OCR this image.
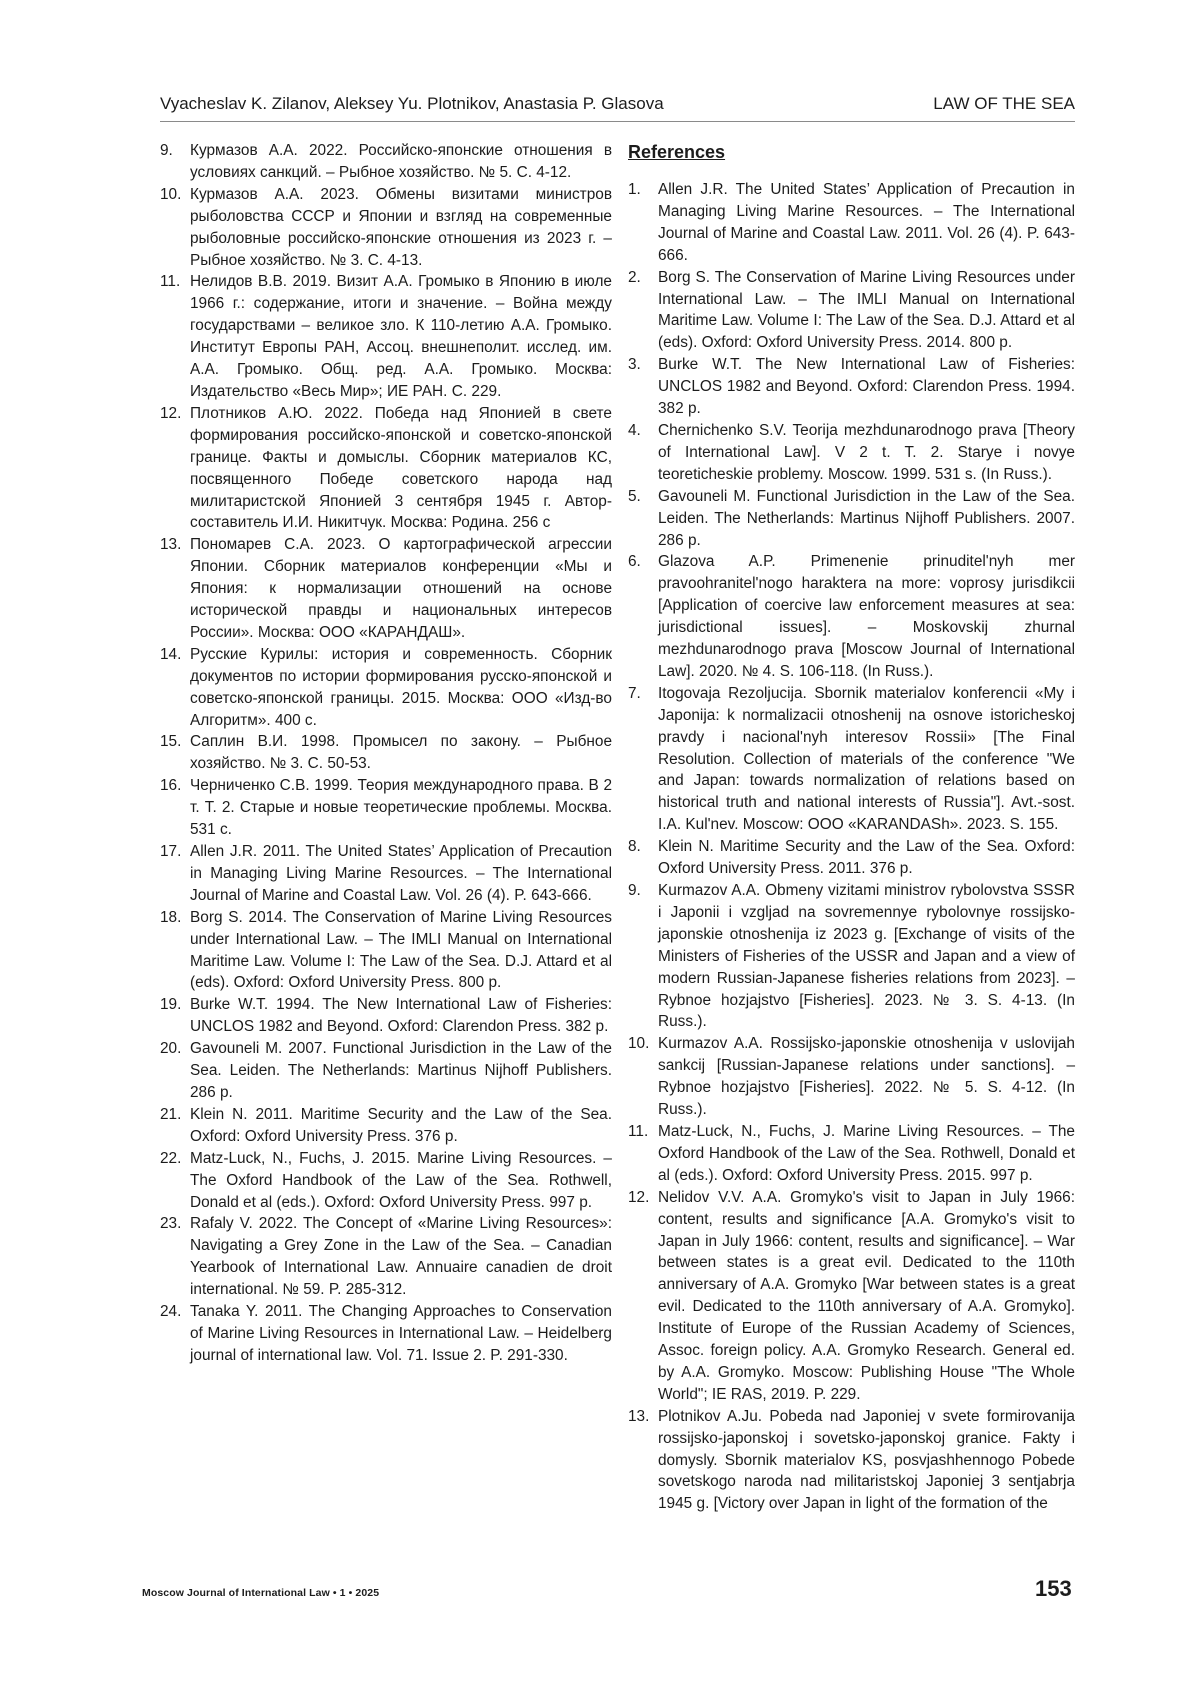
Vyacheslav K. Zilanov, Aleksey Yu. Plotnikov, Anastasia P. Glasova	LAW OF THE SEA
9.	Курмазов А.А. 2022. Российско-японские отношения в условиях санкций. – Рыбное хозяйство. № 5. С. 4-12.
10. Курмазов А.А. 2023. Обмены визитами министров рыболовства СССР и Японии и взгляд на современные рыболовные российско-японские отношения из 2023 г. – Рыбное хозяйство. № 3. С. 4-13.
11. Нелидов В.В. 2019. Визит А.А. Громыко в Японию в июле 1966 г.: содержание, итоги и значение. – Война между государствами – великое зло. К 110-летию А.А. Громыко. Институт Европы РАН, Ассоц. внешнеполит. исслед. им. А.А. Громыко. Общ. ред. А.А. Громыко. Москва: Издательство «Весь Мир»; ИЕ РАН. С. 229.
12. Плотников А.Ю. 2022. Победа над Японией в свете формирования российско-японской и советско-японской границе. Факты и домыслы. Сборник материалов КС, посвященного Победе советского народа над милитаристской Японией 3 сентября 1945 г. Автор-составитель И.И. Никитчук. Москва: Родина. 256 с
13. Пономарев С.А. 2023. О картографической агрессии Японии. Сборник материалов конференции «Мы и Япония: к нормализации отношений на основе исторической правды и национальных интересов России». Москва: ООО «КАРАНДАШ».
14. Русские Курилы: история и современность. Сборник документов по истории формирования русско-японской и советско-японской границы. 2015. Москва: ООО «Изд-во Алгоритм». 400 с.
15. Саплин В.И. 1998. Промысел по закону. – Рыбное хозяйство. № 3. С. 50-53.
16. Черниченко С.В. 1999. Теория международного права. В 2 т. Т. 2. Старые и новые теоретические проблемы. Москва. 531 с.
17. Allen J.R. 2011. The United States’ Application of Precaution in Managing Living Marine Resources. – The International Journal of Marine and Coastal Law. Vol. 26 (4). P. 643-666.
18. Borg S. 2014. The Conservation of Marine Living Resources under International Law. – The IMLI Manual on International Maritime Law. Volume I: The Law of the Sea. D.J. Attard et al (eds). Oxford: Oxford University Press. 800 p.
19. Burke W.T. 1994. The New International Law of Fisheries: UNCLOS 1982 and Beyond. Oxford: Clarendon Press. 382 p.
20. Gavouneli M. 2007. Functional Jurisdiction in the Law of the Sea. Leiden. The Netherlands: Martinus Nijhoff Publishers. 286 p.
21. Klein N. 2011. Maritime Security and the Law of the Sea. Oxford: Oxford University Press. 376 p.
22. Matz-Luck, N., Fuchs, J. 2015. Marine Living Resources. – The Oxford Handbook of the Law of the Sea. Rothwell, Donald et al (eds.). Oxford: Oxford University Press. 997 p.
23. Rafaly V. 2022. The Concept of «Marine Living Resources»: Navigating a Grey Zone in the Law of the Sea. – Canadian Yearbook of International Law. Annuaire canadien de droit international. № 59. P. 285-312.
24. Tanaka Y. 2011. The Changing Approaches to Conservation of Marine Living Resources in International Law. – Heidelberg journal of international law. Vol. 71. Issue 2. P. 291-330.
References
1.	Allen J.R. The United States’ Application of Precaution in Managing Living Marine Resources. – The International Journal of Marine and Coastal Law. 2011. Vol. 26 (4). P. 643-666.
2.	Borg S. The Conservation of Marine Living Resources under International Law. – The IMLI Manual on International Maritime Law. Volume I: The Law of the Sea. D.J. Attard et al (eds). Oxford: Oxford University Press. 2014. 800 p.
3.	Burke W.T. The New International Law of Fisheries: UNCLOS 1982 and Beyond. Oxford: Clarendon Press. 1994. 382 p.
4.	Chernichenko S.V. Teorija mezhdunarodnogo prava [Theory of International Law]. V 2 t. T. 2. Starye i novye teoreticheskie problemy. Moscow. 1999. 531 s. (In Russ.).
5.	Gavouneli M. Functional Jurisdiction in the Law of the Sea. Leiden. The Netherlands: Martinus Nijhoff Publishers. 2007. 286 p.
6.	Glazova A.P. Primenenie prinuditel'nyh mer pravoohranitel'nogo haraktera na more: voprosy jurisdikcii [Application of coercive law enforcement measures at sea: jurisdictional issues]. – Moskovskij zhurnal mezhdunarodnogo prava [Moscow Journal of International Law]. 2020. № 4. S. 106-118. (In Russ.).
7.	Itogovaja Rezoljucija. Sbornik materialov konferencii «My i Japonija: k normalizacii otnoshenij na osnove istoricheskoj pravdy i nacional'nyh interesov Rossii» [The Final Resolution. Collection of materials of the conference "We and Japan: towards normalization of relations based on historical truth and national interests of Russia"]. Avt.-sost. I.A. Kul'nev. Moscow: OOO «KARANDASh». 2023. S. 155.
8.	Klein N. Maritime Security and the Law of the Sea. Oxford: Oxford University Press. 2011. 376 p.
9.	Kurmazov A.A. Obmeny vizitami ministrov rybolovstva SSSR i Japonii i vzgljad na sovremennye rybolovnye rossijsko-japonskie otnoshenija iz 2023 g. [Exchange of visits of the Ministers of Fisheries of the USSR and Japan and a view of modern Russian-Japanese fisheries relations from 2023]. – Rybnoe hozjajstvo [Fisheries]. 2023. № 3. S. 4-13. (In Russ.).
10. Kurmazov A.A. Rossijsko-japonskie otnoshenija v uslovijah sankcij [Russian-Japanese relations under sanctions]. – Rybnoe hozjajstvo [Fisheries]. 2022. № 5. S. 4-12. (In Russ.).
11. Matz-Luck, N., Fuchs, J. Marine Living Resources. – The Oxford Handbook of the Law of the Sea. Rothwell, Donald et al (eds.). Oxford: Oxford University Press. 2015. 997 p.
12. Nelidov V.V. A.A. Gromyko's visit to Japan in July 1966: content, results and significance [A.A. Gromyko's visit to Japan in July 1966: content, results and significance]. – War between states is a great evil. Dedicated to the 110th anniversary of A.A. Gromyko [War between states is a great evil. Dedicated to the 110th anniversary of A.A. Gromyko]. Institute of Europe of the Russian Academy of Sciences, Assoc. foreign policy. A.A. Gromyko Research. General ed. by A.A. Gromyko. Moscow: Publishing House "The Whole World"; IE RAS, 2019. P. 229.
13. Plotnikov A.Ju. Pobeda nad Japoniej v svete formirovanija rossijsko-japonskoj i sovetsko-japonskoj granice. Fakty i domysly. Sbornik materialov KS, posvjashhennogo Pobede sovetskogo naroda nad militaristskoj Japoniej 3 sentjabrja 1945 g. [Victory over Japan in light of the formation of the
Moscow Journal of International Law • 1 • 2025	153
